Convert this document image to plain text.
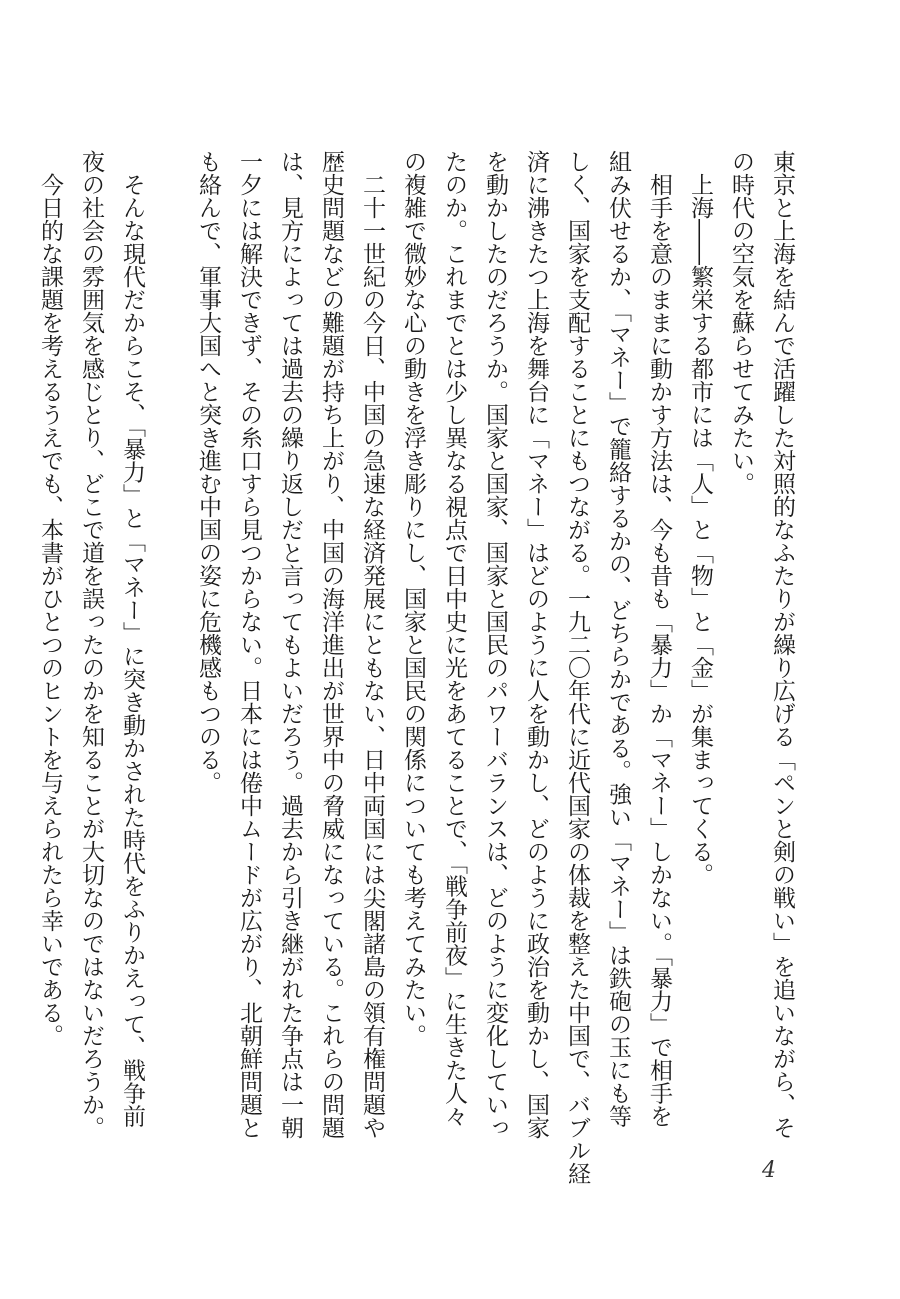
東京と上海を結んで活躍した対照的なふたりが繰り広げる「ペンと剣の戦い」を追いながら、そ
の時代の空気を蘇らせてみたい。

　上海――繁栄する都市には「人」と「物」と「金」が集まってくる。

　相手を意のままに動かす方法は、今も昔も「暴力」か「マネー」しかない。「暴力」で相手を
組み伏せるか、「マネー」で籠絡するかの、どちらかである。強い「マネー」は鉄砲の玉にも等
しく、国家を支配することにもつながる。一九二〇年代に近代国家の体裁を整えた中国で、バブル経
済に沸きたつ上海を舞台に「マネー」はどのように人を動かし、どのように政治を動かし、国家
を動かしたのだろうか。国家と国家、国家と国民のパワーバランスは、どのように変化していっ
たのか。これまでとは少し異なる視点で日中史に光をあてることで、「戦争前夜」に生きた人々
の複雑で微妙な心の動きを浮き彫りにし、国家と国民の関係についても考えてみたい。

　二十一世紀の今日、中国の急速な経済発展にともない、日中両国には尖閣諸島の領有権問題や
歴史問題などの難題が持ち上がり、中国の海洋進出が世界中の脅威になっている。これらの問題
は、見方によっては過去の繰り返しだと言ってもよいだろう。過去から引き継がれた争点は一朝
一夕には解決できず、その糸口すら見つからない。日本には倦中ムードが広がり、北朝鮮問題と
も絡んで、軍事大国へと突き進む中国の姿に危機感もつのる。

　そんな現代だからこそ、「暴力」と「マネー」に突き動かされた時代をふりかえって、戦争前
夜の社会の雰囲気を感じとり、どこで道を誤ったのかを知ることが大切なのではないだろうか。
　今日的な課題を考えるうえでも、本書がひとつのヒントを与えられたら幸いである。

4
